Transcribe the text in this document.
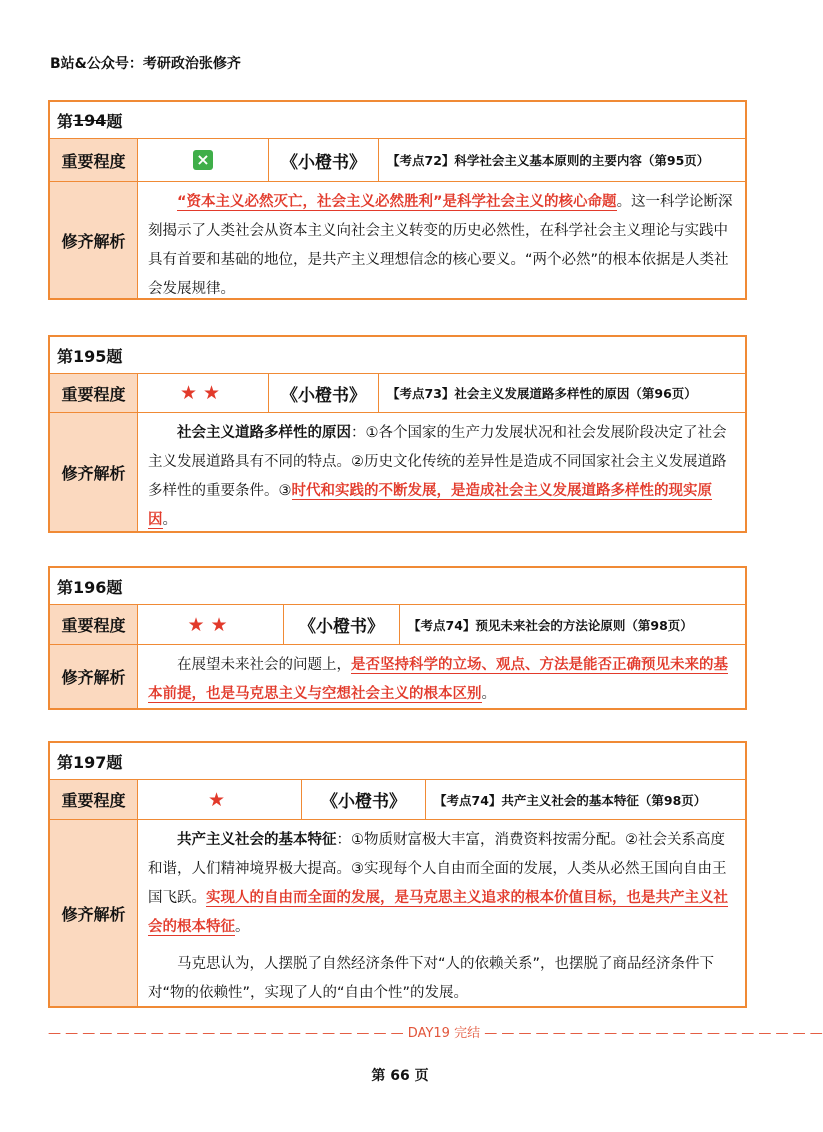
B站&公众号：考研政治张修齐
第 194 题
重要程度	×	《小橙书》	【考点72】科学社会主义基本原则的主要内容（第95页）
修齐解析

“资本主义必然灭亡，社会主义必然胜利”是科学社会主义的核心命题。这一科学论断深刻揭示了人类社会从资本主义向社会主义转变的历史必然性，在科学社会主义理论与实践中具有首要和基础的地位，是共产主义理想信念的核心要义。“两个必然”的根本依据是人类社会发展规律。

第195题
重要程度	★★	《小橙书》	【考点73】社会主义发展道路多样性的原因（第96页）
修齐解析

社会主义道路多样性的原因：①各个国家的生产力发展状况和社会发展阶段决定了社会主义发展道路具有不同的特点。②历史文化传统的差异性是造成不同国家社会主义发展道路多样性的重要条件。③时代和实践的不断发展，是造成社会主义发展道路多样性的现实原因。

第196题
重要程度	★★	《小橙书》	【考点74】预见未来社会的方法论原则（第98页）
修齐解析

在展望未来社会的问题上，是否坚持科学的立场、观点、方法是能否正确预见未来的基本前提，也是马克思主义与空想社会主义的根本区别。

第197题
重要程度	★	《小橙书》	【考点74】共产主义社会的基本特征（第98页）
修齐解析

共产主义社会的基本特征：①物质财富极大丰富，消费资料按需分配。②社会关系高度和谐，人们精神境界极大提高。③实现每个人自由而全面的发展，人类从必然王国向自由王国飞跃。实现人的自由而全面的发展，是马克思主义追求的根本价值目标，也是共产主义社会的根本特征。

马克思认为，人摆脱了自然经济条件下对“人的依赖关系”，也摆脱了商品经济条件下对“物的依赖性”，实现了人的“自由个性”的发展。

— — — — — — — — — — — — — — — — — — — — — DAY19 完结 — — — — — — — — — — — — — — — — — — — —
第 66 页
